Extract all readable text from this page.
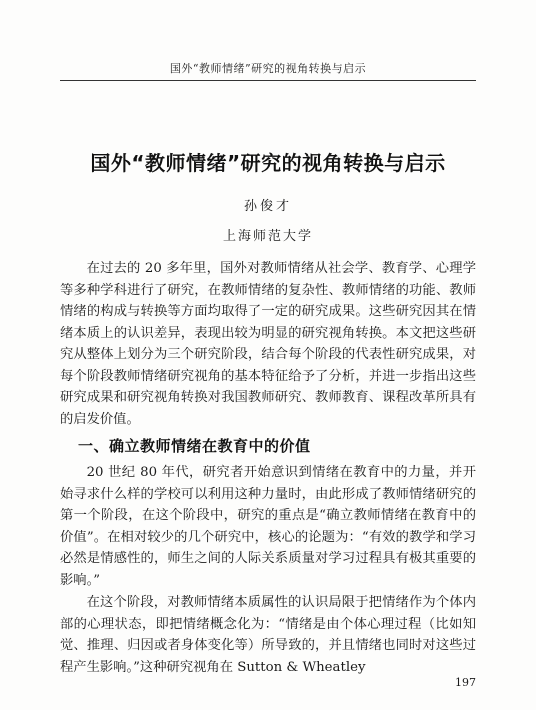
国外“教师情绪”研究的视角转换与启示
国外“教师情绪”研究的视角转换与启示
孙俊才
上海师范大学

在过去的 20 多年里，国外对教师情绪从社会学、教育学、心理学等多种学科进行了研究，在教师情绪的复杂性、教师情绪的功能、教师情绪的构成与转换等方面均取得了一定的研究成果。这些研究因其在情绪本质上的认识差异，表现出较为明显的研究视角转换。本文把这些研究从整体上划分为三个研究阶段，结合每个阶段的代表性研究成果，对每个阶段教师情绪研究视角的基本特征给予了分析，并进一步指出这些研究成果和研究视角转换对我国教师研究、教师教育、课程改革所具有的启发价值。

一、确立教师情绪在教育中的价值

20 世纪 80 年代，研究者开始意识到情绪在教育中的力量，并开始寻求什么样的学校可以利用这种力量时，由此形成了教师情绪研究的第一个阶段，在这个阶段中，研究的重点是“确立教师情绪在教育中的价值”。在相对较少的几个研究中，核心的论题为：“有效的教学和学习必然是情感性的，师生之间的人际关系质量对学习过程具有极其重要的影响。”

在这个阶段，对教师情绪本质属性的认识局限于把情绪作为个体内部的心理状态，即把情绪概念化为：“情绪是由个体心理过程（比如知觉、推理、归因或者身体变化等）所导致的，并且情绪也同时对这些过程产生影响。”这种研究视角在 Sutton & Wheatley

197
